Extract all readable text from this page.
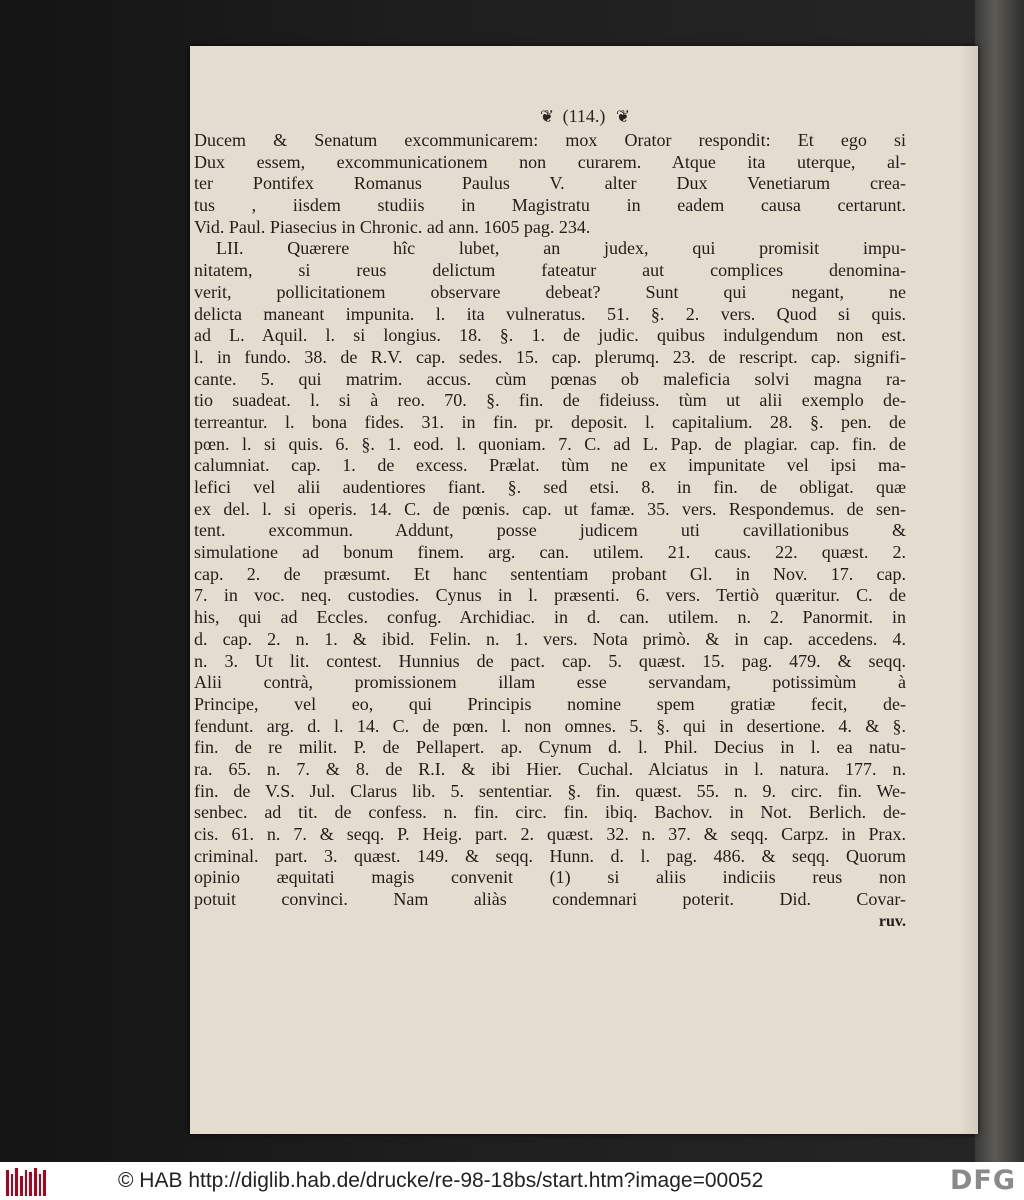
❦ (114.) ❦
Ducem & Senatum excommunicarem: mox Orator respondit: Et ego si
Dux essem, excommunicationem non curarem. Atque ita uterque, al-
ter Pontifex Romanus Paulus V. alter Dux Venetiarum crea-
tus , iisdem studiis in Magistratu in eadem causa certarunt.
Vid. Paul. Piasecius in Chronic. ad ann. 1605 pag. 234.
LII. Quærere hîc lubet, an judex, qui promisit impu-
nitatem, si reus delictum fateatur aut complices denomina-
verit, pollicitationem observare debeat? Sunt qui negant, ne
delicta maneant impunita. l. ita vulneratus. 51. §. 2. vers. Quod si quis.
ad L. Aquil. l. si longius. 18. §. 1. de judic. quibus indulgendum non est.
l. in fundo. 38. de R.V. cap. sedes. 15. cap. plerumq. 23. de rescript. cap. signifi-
cante. 5. qui matrim. accus. cùm pœnas ob maleficia solvi magna ra-
tio suadeat. l. si à reo. 70. §. fin. de fideiuss. tùm ut alii exemplo de-
terreantur. l. bona fides. 31. in fin. pr. deposit. l. capitalium. 28. §. pen. de
pœn. l. si quis. 6. §. 1. eod. l. quoniam. 7. C. ad L. Pap. de plagiar. cap. fin. de
calumniat. cap. 1. de excess. Prælat. tùm ne ex impunitate vel ipsi ma-
lefici vel alii audentiores fiant. §. sed etsi. 8. in fin. de obligat. quæ
ex del. l. si operis. 14. C. de pœnis. cap. ut famæ. 35. vers. Respondemus. de sen-
tent. excommun. Addunt, posse judicem uti cavillationibus &
simulatione ad bonum finem. arg. can. utilem. 21. caus. 22. quæst. 2.
cap. 2. de præsumt. Et hanc sententiam probant Gl. in Nov. 17. cap.
7. in voc. neq. custodies. Cynus in l. præsenti. 6. vers. Tertiò quæritur. C. de
his, qui ad Eccles. confug. Archidiac. in d. can. utilem. n. 2. Panormit. in
d. cap. 2. n. 1. & ibid. Felin. n. 1. vers. Nota primò. & in cap. accedens. 4.
n. 3. Ut lit. contest. Hunnius de pact. cap. 5. quæst. 15. pag. 479. & seqq.
Alii contrà, promissionem illam esse servandam, potissimùm à
Principe, vel eo, qui Principis nomine spem gratiæ fecit, de-
fendunt. arg. d. l. 14. C. de pœn. l. non omnes. 5. §. qui in desertione. 4. & §.
fin. de re milit. P. de Pellapert. ap. Cynum d. l. Phil. Decius in l. ea natu-
ra. 65. n. 7. & 8. de R.I. & ibi Hier. Cuchal. Alciatus in l. natura. 177. n.
fin. de V.S. Jul. Clarus lib. 5. sententiar. §. fin. quæst. 55. n. 9. circ. fin. We-
senbec. ad tit. de confess. n. fin. circ. fin. ibiq. Bachov. in Not. Berlich. de-
cis. 61. n. 7. & seqq. P. Heig. part. 2. quæst. 32. n. 37. & seqq. Carpz. in Prax.
criminal. part. 3. quæst. 149. & seqq. Hunn. d. l. pag. 486. & seqq. Quorum
opinio æquitati magis convenit (1) si aliis indiciis reus non
potuit convinci. Nam aliàs condemnari poterit. Did. Covar-
ruv.
© HAB http://diglib.hab.de/drucke/re-98-18bs/start.htm?image=00052	DFG
